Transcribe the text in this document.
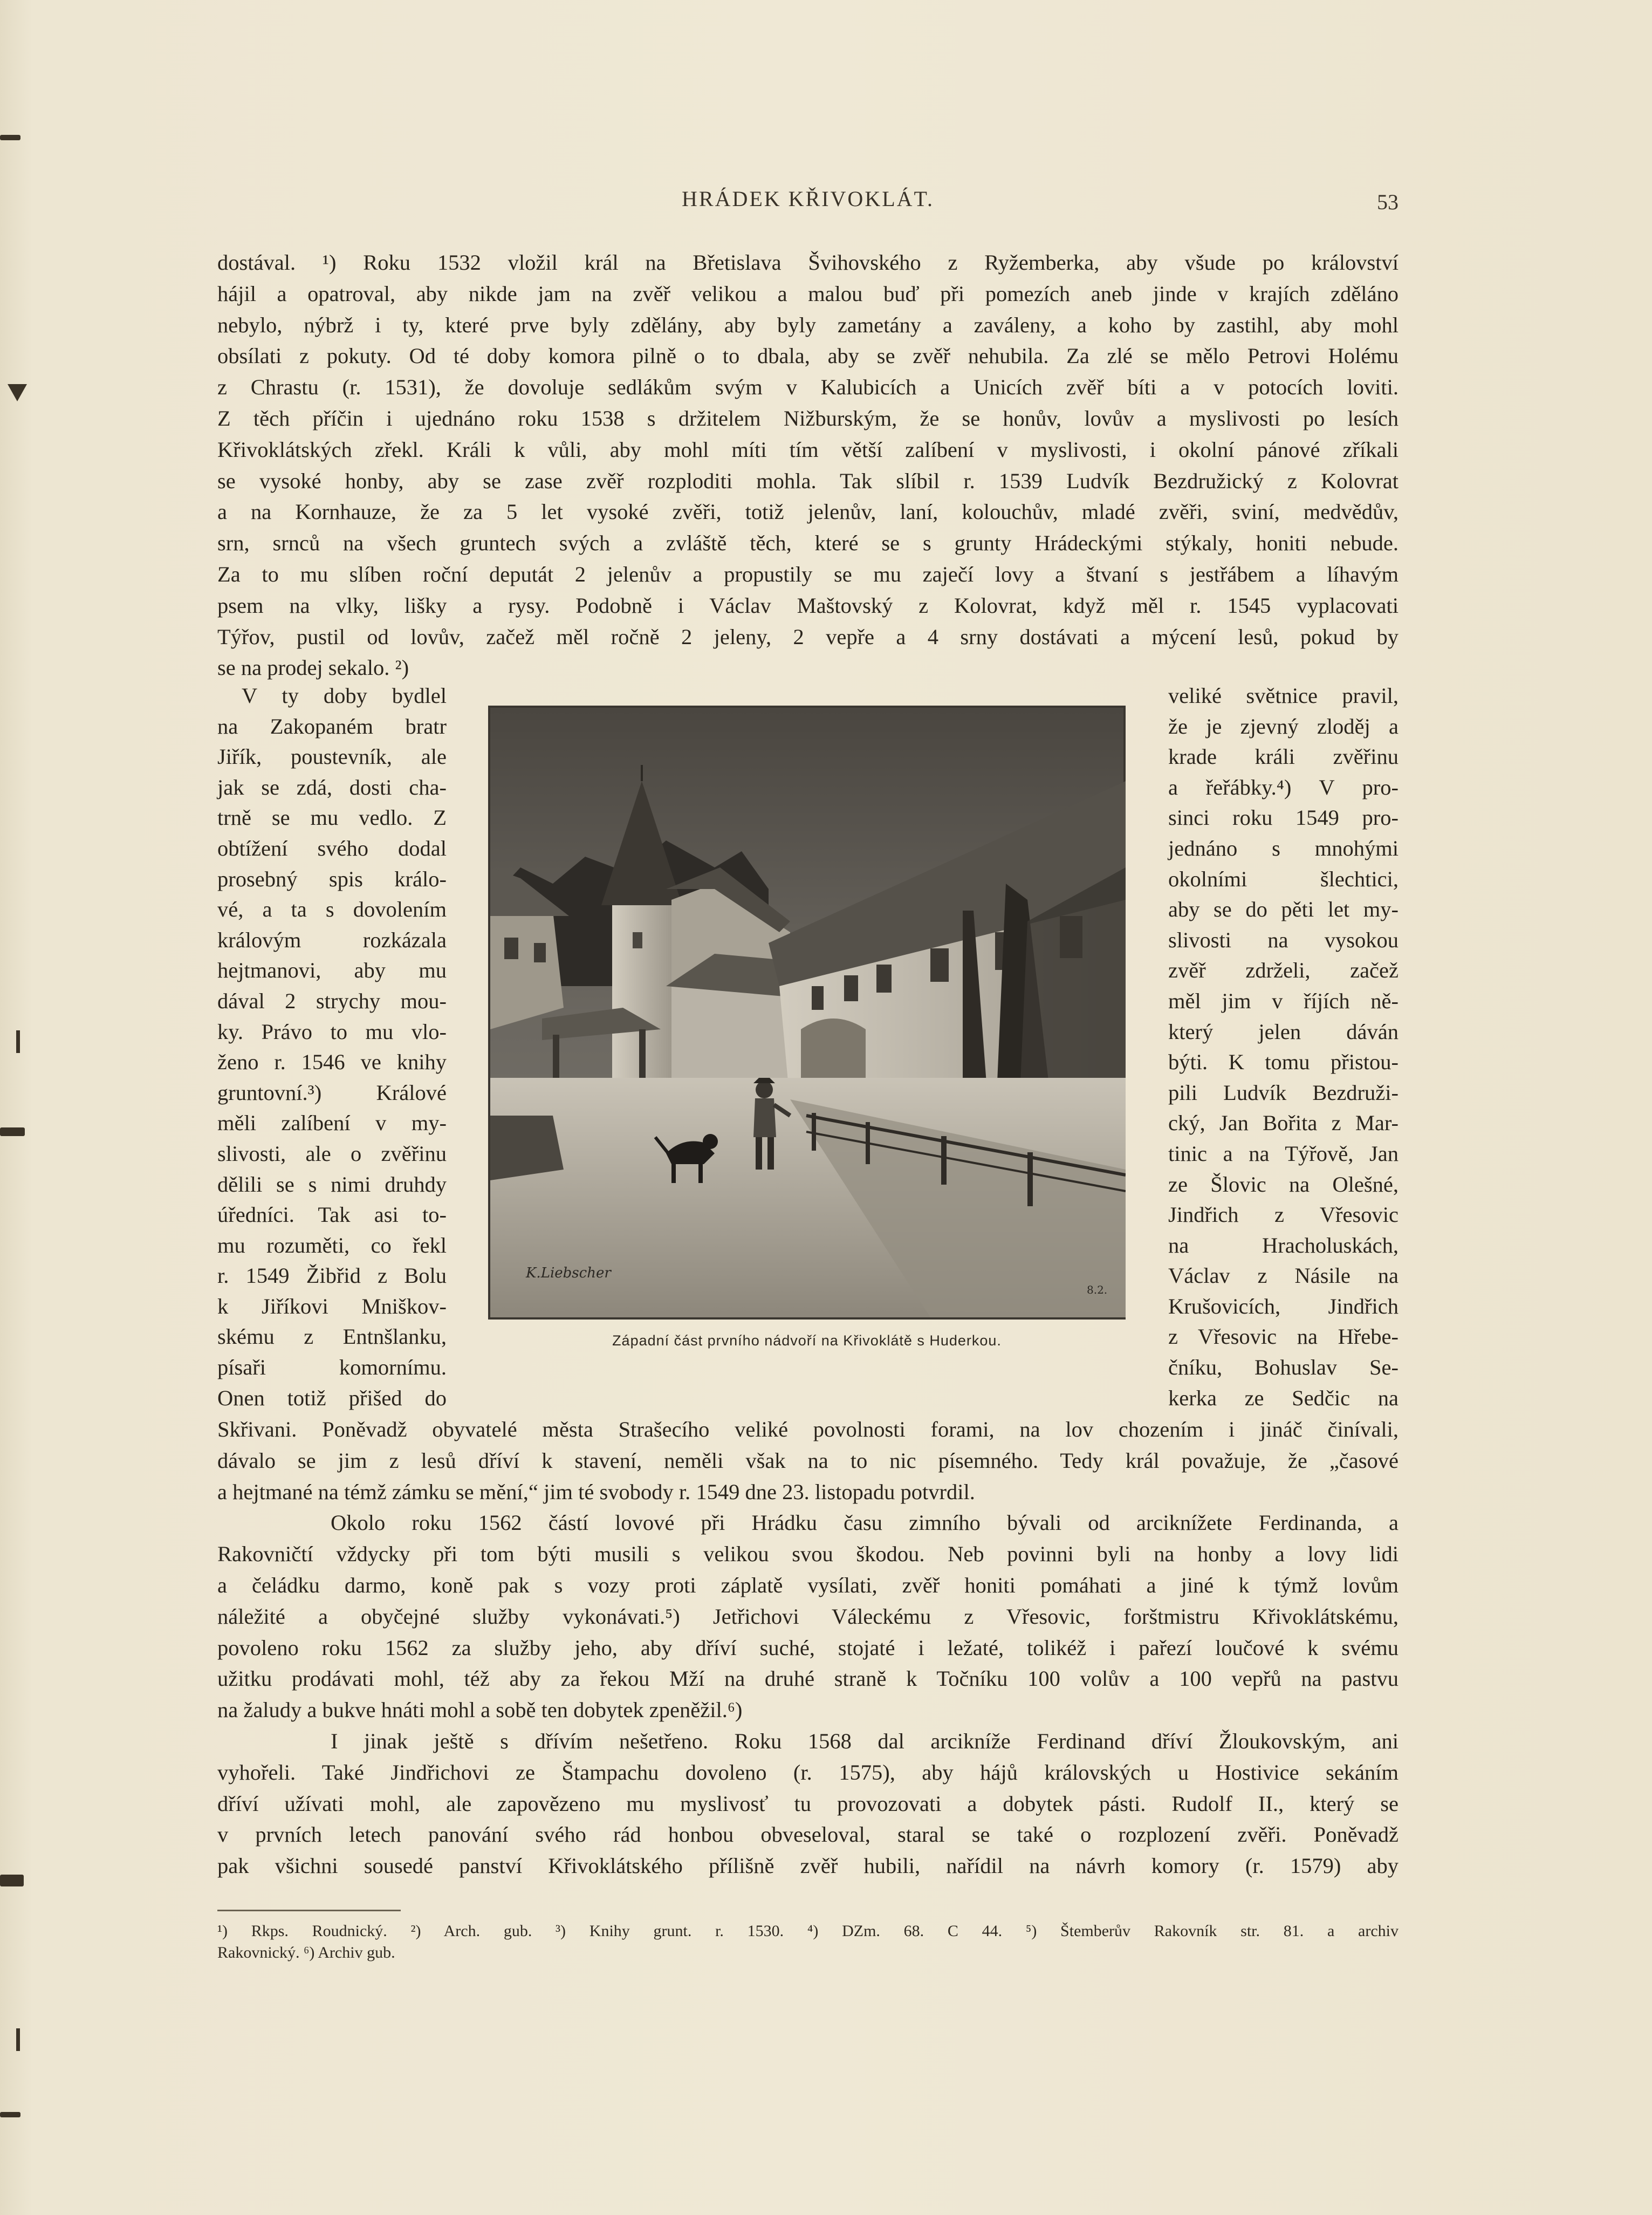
HRÁDEK KŘIVOKLÁT.	53
dostával. ¹) Roku 1532 vložil král na Břetislava Švihovského z Ryžemberka, aby všude po království
hájil a opatroval, aby nikde jam na zvěř velikou a malou buď při pomezích aneb jinde v krajích zděláno
nebylo, nýbrž i ty, které prve byly zdělány, aby byly zametány a zaváleny, a koho by zastihl, aby mohl
obsílati z pokuty. Od té doby komora pilně o to dbala, aby se zvěř nehubila. Za zlé se mělo Petrovi Holému
z Chrastu (r. 1531), že dovoluje sedlákům svým v Kalubicích a Unicích zvěř bíti a v potocích loviti.
Z těch příčin i ujednáno roku 1538 s držitelem Nižburským, že se honův, lovův a myslivosti po lesích
Křivoklátských zřekl. Králi k vůli, aby mohl míti tím větší zalíbení v myslivosti, i okolní pánové zříkali
se vysoké honby, aby se zase zvěř rozploditi mohla. Tak slíbil r. 1539 Ludvík Bezdružický z Kolovrat
a na Kornhauze, že za 5 let vysoké zvěři, totiž jelenův, laní, kolouchův, mladé zvěři, sviní, medvědův,
srn, srnců na všech gruntech svých a zvláště těch, které se s grunty Hrádeckými stýkaly, honiti nebude.
Za to mu slíben roční deputát 2 jelenův a propustily se mu zaječí lovy a štvaní s jestřábem a líhavým
psem na vlky, lišky a rysy. Podobně i Václav Maštovský z Kolovrat, když měl r. 1545 vyplacovati
Týřov, pustil od lovův, začež měl ročně 2 jeleny, 2 vepře a 4 srny dostávati a mýcení lesů, pokud by
se na prodej sekalo. ²)
V ty doby bydlel
na Zakopaném bratr
Jiřík, poustevník, ale
jak se zdá, dosti cha-
trně se mu vedlo. Z
obtížení svého dodal
prosebný spis králo-
vé, a ta s dovolením
královým rozkázala
hejtmanovi, aby mu
dával 2 strychy mou-
ky. Právo to mu vlo-
ženo r. 1546 ve knihy
gruntovní.³) Králové
měli zalíbení v my-
slivosti, ale o zvěřinu
dělili se s nimi druhdy
úředníci. Tak asi to-
mu rozuměti, co řekl
r. 1549 Žibřid z Bolu
k Jiříkovi Mniškov-
skému z Entnšlanku,
písaři komornímu.
Onen totiž přišed do
K.Liebscher
8.2.
Západní část prvního nádvoří na Křivoklátě s Huderkou.
veliké světnice pravil,
že je zjevný zloděj a
krade králi zvěřinu
a řeřábky.⁴) V pro-
sinci roku 1549 pro-
jednáno s mnohými
okolními šlechtici,
aby se do pěti let my-
slivosti na vysokou
zvěř zdrželi, začež
měl jim v říjích ně-
který jelen dáván
býti. K tomu přistou-
pili Ludvík Bezdruži-
cký, Jan Bořita z Mar-
tinic a na Týřově, Jan
ze Šlovic na Olešné,
Jindřich z Vřesovic
na Hracholuskách,
Václav z Násile na
Krušovicích, Jindřich
z Vřesovic na Hřebe-
čníku, Bohuslav Se-
kerka ze Sedčic na
Skřivani. Poněvadž obyvatelé města Strašecího veliké povolnosti forami, na lov chozením i jináč činívali,
dávalo se jim z lesů dříví k stavení, neměli však na to nic písemného. Tedy král považuje, že „časové
a hejtmané na témž zámku se mění,“ jim té svobody r. 1549 dne 23. listopadu potvrdil.
Okolo roku 1562 částí lovové při Hrádku času zimního bývali od arciknížete Ferdinanda, a
Rakovničtí vždycky při tom býti musili s velikou svou škodou. Neb povinni byli na honby a lovy lidi
a čeládku darmo, koně pak s vozy proti záplatě vysílati, zvěř honiti pomáhati a jiné k týmž lovům
náležité a obyčejné služby vykonávati.⁵) Jetřichovi Váleckému z Vřesovic, forštmistru Křivoklátskému,
povoleno roku 1562 za služby jeho, aby dříví suché, stojaté i ležaté, tolikéž i pařezí loučové k svému
užitku prodávati mohl, též aby za řekou Mží na druhé straně k Točníku 100 volův a 100 vepřů na pastvu
na žaludy a bukve hnáti mohl a sobě ten dobytek zpeněžil.⁶)
I jinak ještě s dřívím nešetřeno. Roku 1568 dal arcikníže Ferdinand dříví Žloukovským, ani
vyhořeli. Také Jindřichovi ze Štampachu dovoleno (r. 1575), aby hájů královských u Hostivice sekáním
dříví užívati mohl, ale zapovězeno mu myslivosť tu provozovati a dobytek pásti. Rudolf II., který se
v prvních letech panování svého rád honbou obveseloval, staral se také o rozplození zvěři. Poněvadž
pak všichni sousedé panství Křivoklátského přílišně zvěř hubili, nařídil na návrh komory (r. 1579) aby
¹) Rkps. Roudnický. ²) Arch. gub. ³) Knihy grunt. r. 1530. ⁴) DZm. 68. C 44. ⁵) Štemberův Rakovník str. 81. a archiv
Rakovnický. ⁶) Archiv gub.
